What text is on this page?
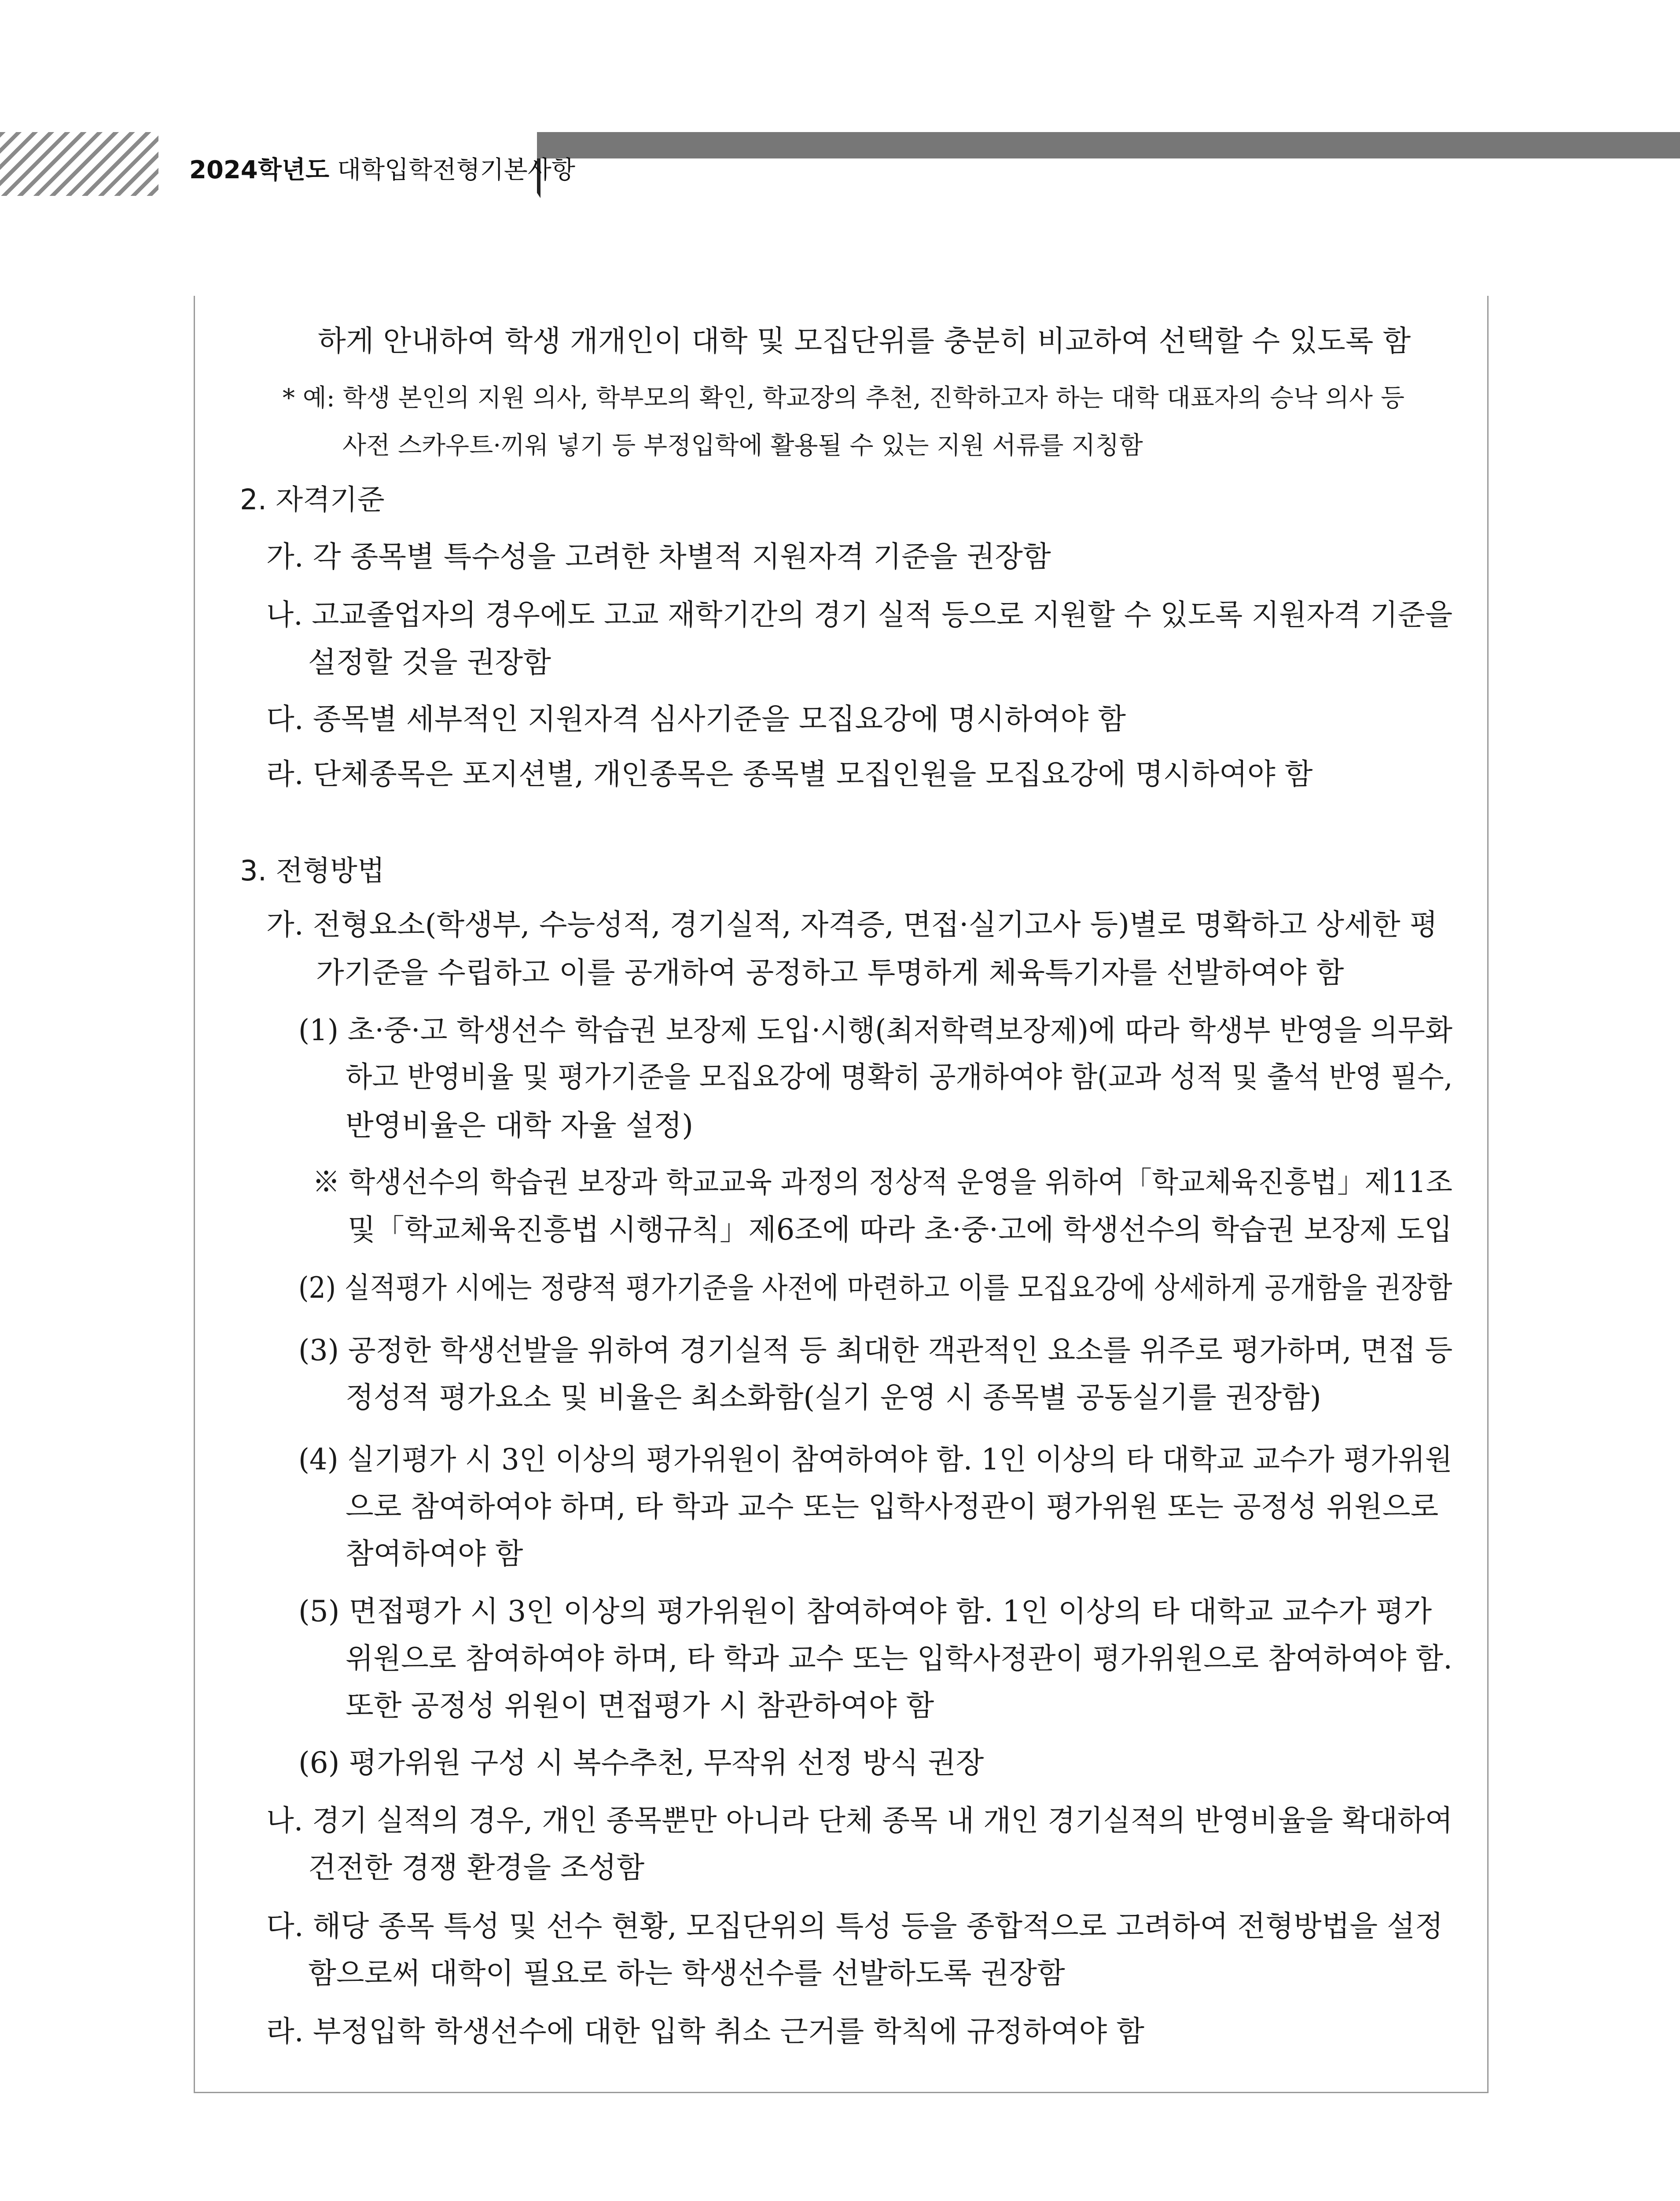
2024학년도 대학입학전형기본사항
하게 안내하여 학생 개개인이 대학 및 모집단위를 충분히 비교하여 선택할 수 있도록 함
* 예: 학생 본인의 지원 의사, 학부모의 확인, 학교장의 추천, 진학하고자 하는 대학 대표자의 승낙 의사 등
사전 스카우트·끼워 넣기 등 부정입학에 활용될 수 있는 지원 서류를 지칭함
2. 자격기준
가. 각 종목별 특수성을 고려한 차별적 지원자격 기준을 권장함
나. 고교졸업자의 경우에도 고교 재학기간의 경기 실적 등으로 지원할 수 있도록 지원자격 기준을
설정할 것을 권장함
다. 종목별 세부적인 지원자격 심사기준을 모집요강에 명시하여야 함
라. 단체종목은 포지션별, 개인종목은 종목별 모집인원을 모집요강에 명시하여야 함
3. 전형방법
가. 전형요소(학생부, 수능성적, 경기실적, 자격증, 면접·실기고사 등)별로 명확하고 상세한 평
가기준을 수립하고 이를 공개하여 공정하고 투명하게 체육특기자를 선발하여야 함
(1) 초·중·고 학생선수 학습권 보장제 도입·시행(최저학력보장제)에 따라 학생부 반영을 의무화
하고 반영비율 및 평가기준을 모집요강에 명확히 공개하여야 함(교과 성적 및 출석 반영 필수,
반영비율은 대학 자율 설정)
※ 학생선수의 학습권 보장과 학교교육 과정의 정상적 운영을 위하여「학교체육진흥법」제11조
및「학교체육진흥법 시행규칙」제6조에 따라 초·중·고에 학생선수의 학습권 보장제 도입
(2) 실적평가 시에는 정량적 평가기준을 사전에 마련하고 이를 모집요강에 상세하게 공개함을 권장함
(3) 공정한 학생선발을 위하여 경기실적 등 최대한 객관적인 요소를 위주로 평가하며, 면접 등
정성적 평가요소 및 비율은 최소화함(실기 운영 시 종목별 공동실기를 권장함)
(4) 실기평가 시 3인 이상의 평가위원이 참여하여야 함. 1인 이상의 타 대학교 교수가 평가위원
으로 참여하여야 하며, 타 학과 교수 또는 입학사정관이 평가위원 또는 공정성 위원으로
참여하여야 함
(5) 면접평가 시 3인 이상의 평가위원이 참여하여야 함. 1인 이상의 타 대학교 교수가 평가
위원으로 참여하여야 하며, 타 학과 교수 또는 입학사정관이 평가위원으로 참여하여야 함.
또한 공정성 위원이 면접평가 시 참관하여야 함
(6) 평가위원 구성 시 복수추천, 무작위 선정 방식 권장
나. 경기 실적의 경우, 개인 종목뿐만 아니라 단체 종목 내 개인 경기실적의 반영비율을 확대하여
건전한 경쟁 환경을 조성함
다. 해당 종목 특성 및 선수 현황, 모집단위의 특성 등을 종합적으로 고려하여 전형방법을 설정
함으로써 대학이 필요로 하는 학생선수를 선발하도록 권장함
라. 부정입학 학생선수에 대한 입학 취소 근거를 학칙에 규정하여야 함
